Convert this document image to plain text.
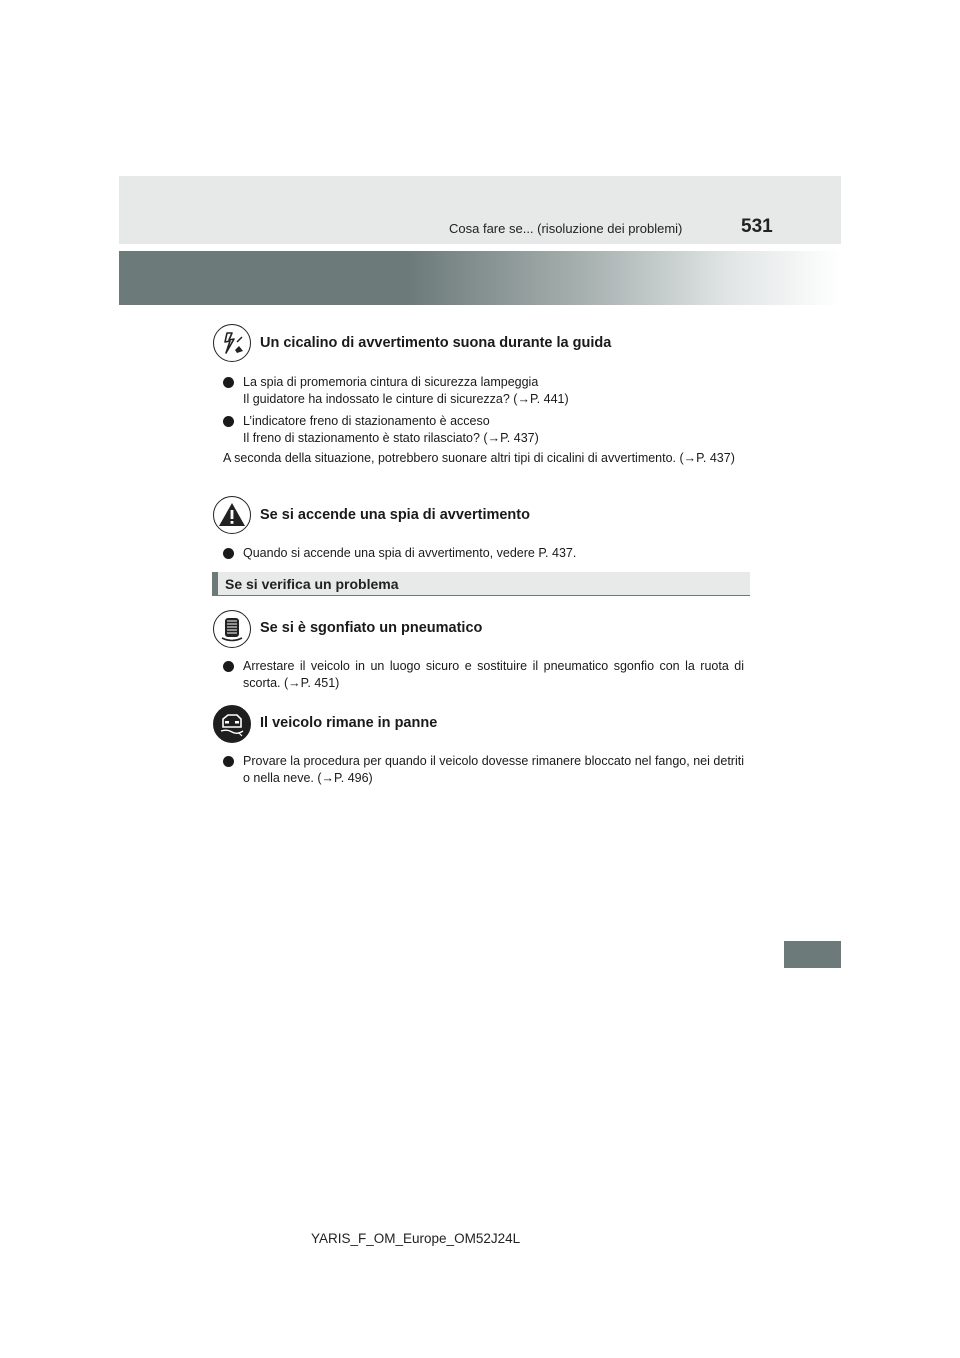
Cosa fare se... (risoluzione dei problemi)	531
Un cicalino di avvertimento suona durante la guida
La spia di promemoria cintura di sicurezza lampeggia
Il guidatore ha indossato le cinture di sicurezza? (→P. 441)
L’indicatore freno di stazionamento è acceso
Il freno di stazionamento è stato rilasciato? (→P. 437)
A seconda della situazione, potrebbero suonare altri tipi di cicalini di avvertimento. (→P. 437)
Se si accende una spia di avvertimento
Quando si accende una spia di avvertimento, vedere P. 437.
Se si verifica un problema
Se si è sgonfiato un pneumatico
Arrestare il veicolo in un luogo sicuro e sostituire il pneumatico sgonfio con la ruota di scorta. (→P. 451)
Il veicolo rimane in panne
Provare la procedura per quando il veicolo dovesse rimanere bloccato nel fango, nei detriti o nella neve. (→P. 496)
YARIS_F_OM_Europe_OM52J24L
